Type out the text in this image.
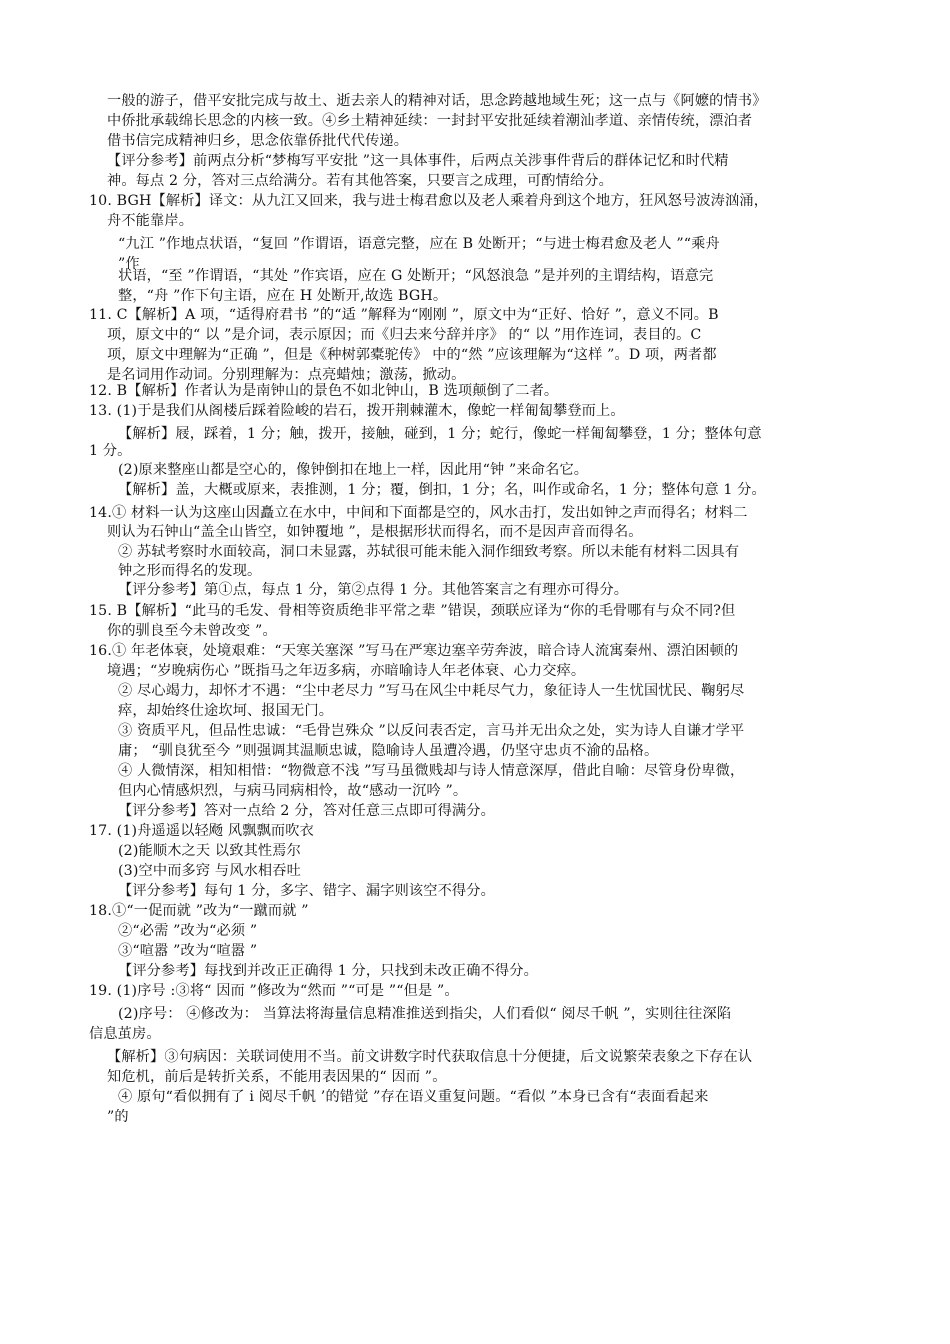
一般的游子，借平安批完成与故土、逝去亲人的精神对话，思念跨越地域生死；这一点与《阿嬷的情书》
中侨批承载绵长思念的内核一致。④乡土精神延续：一封封平安批延续着潮汕孝道、亲情传统，漂泊者
借书信完成精神归乡，思念依靠侨批代代传递。
【评分参考】前两点分析“梦梅写平安批 ”这一具体事件，后两点关涉事件背后的群体记忆和时代精
神。每点 2 分，答对三点给满分。若有其他答案，只要言之成理，可酌情给分。
10. BGH【解析】译文：从九江又回来，我与进士梅君愈以及老人乘着舟到这个地方，狂风怒号波涛汹涌，
舟不能靠岸。
“九江 ”作地点状语，“复回 ”作谓语，语意完整，应在 B 处断开；“与进士梅君愈及老人 ”“乘舟
”作
状语，“至 ”作谓语，“其处 ”作宾语，应在 G 处断开；“风怒浪急 ”是并列的主谓结构，语意完
整，“舟 ”作下句主语，应在 H 处断开,故选 BGH。
11. C【解析】A 项，“适得府君书 ”的“适 ”解释为“刚刚 ”，原文中为“正好、恰好 ”，意义不同。B
项，原文中的“ 以 ”是介词，表示原因；而《归去来兮辞并序》 的“ 以 ”用作连词，表目的。C
项，原文中理解为“正确 ”，但是《种树郭橐驼传》 中的“然 ”应该理解为“这样 ”。D 项，两者都
是名词用作动词。分别理解为：点亮蜡烛；激荡，掀动。
12. B【解析】作者认为是南钟山的景色不如北钟山，B 选项颠倒了二者。
13. (1)于是我们从阁楼后踩着险峻的岩石，拨开荆棘灌木，像蛇一样匍匐攀登而上。
【解析】屐，踩着，1 分；触，拨开，接触，碰到，1 分；蛇行，像蛇一样匍匐攀登，1 分；整体句意
1 分。
(2)原来整座山都是空心的，像钟倒扣在地上一样，因此用“钟 ”来命名它。
【解析】盖，大概或原来，表推测，1 分；覆，倒扣，1 分；名，叫作或命名，1 分；整体句意 1 分。
14.① 材料一认为这座山因矗立在水中，中间和下面都是空的，风水击打，发出如钟之声而得名；材料二
则认为石钟山“盖全山皆空，如钟覆地 ”，是根据形状而得名，而不是因声音而得名。
② 苏轼考察时水面较高，洞口未显露，苏轼很可能未能入洞作细致考察。所以未能有材料二因具有
钟之形而得名的发现。
【评分参考】第①点，每点 1 分，第②点得 1 分。其他答案言之有理亦可得分。
15. B【解析】“此马的毛发、骨相等资质绝非平常之辈 ”错误，颈联应译为“你的毛骨哪有与众不同?但
你的驯良至今未曾改变 ”。
16.① 年老体衰，处境艰难：“天寒关塞深 ”写马在严寒边塞辛劳奔波，暗合诗人流寓秦州、漂泊困顿的
境遇；“岁晚病伤心 ”既指马之年迈多病，亦暗喻诗人年老体衰、心力交瘁。
② 尽心竭力，却怀才不遇：“尘中老尽力 ”写马在风尘中耗尽气力，象征诗人一生忧国忧民、鞠躬尽
瘁，却始终仕途坎坷、报国无门。
③ 资质平凡，但品性忠诚：“毛骨岂殊众 ”以反问表否定，言马并无出众之处，实为诗人自谦才学平
庸； “驯良犹至今 ”则强调其温顺忠诚，隐喻诗人虽遭冷遇，仍坚守忠贞不渝的品格。
④ 人微情深，相知相惜：“物微意不浅 ”写马虽微贱却与诗人情意深厚，借此自喻：尽管身份卑微，
但内心情感炽烈，与病马同病相怜，故“感动一沉吟 ”。
【评分参考】答对一点给 2 分，答对任意三点即可得满分。
17. (1)舟遥遥以轻飏 风飘飘而吹衣
(2)能顺木之天 以致其性焉尔
(3)空中而多窍 与风水相吞吐
【评分参考】每句 1 分，多字、错字、漏字则该空不得分。
18.①“一促而就 ”改为“一蹴而就 ”
②“必需 ”改为“必须 ”
③“喧嚣 ”改为“喧嚣 ”
【评分参考】每找到并改正正确得 1 分，只找到未改正确不得分。
19. (1)序号 :③将“ 因而 ”修改为“然而 ”“可是 ”“但是 ”。
(2)序号： ④修改为： 当算法将海量信息精准推送到指尖，人们看似“ 阅尽千帆 ”，实则往往深陷
信息茧房。
【解析】③句病因：关联词使用不当。前文讲数字时代获取信息十分便捷，后文说繁荣表象之下存在认
知危机，前后是转折关系，不能用表因果的“ 因而 ”。
④ 原句“看似拥有了 i 阅尽千帆 ’的错觉 ”存在语义重复问题。“看似 ”本身已含有“表面看起来
”的
